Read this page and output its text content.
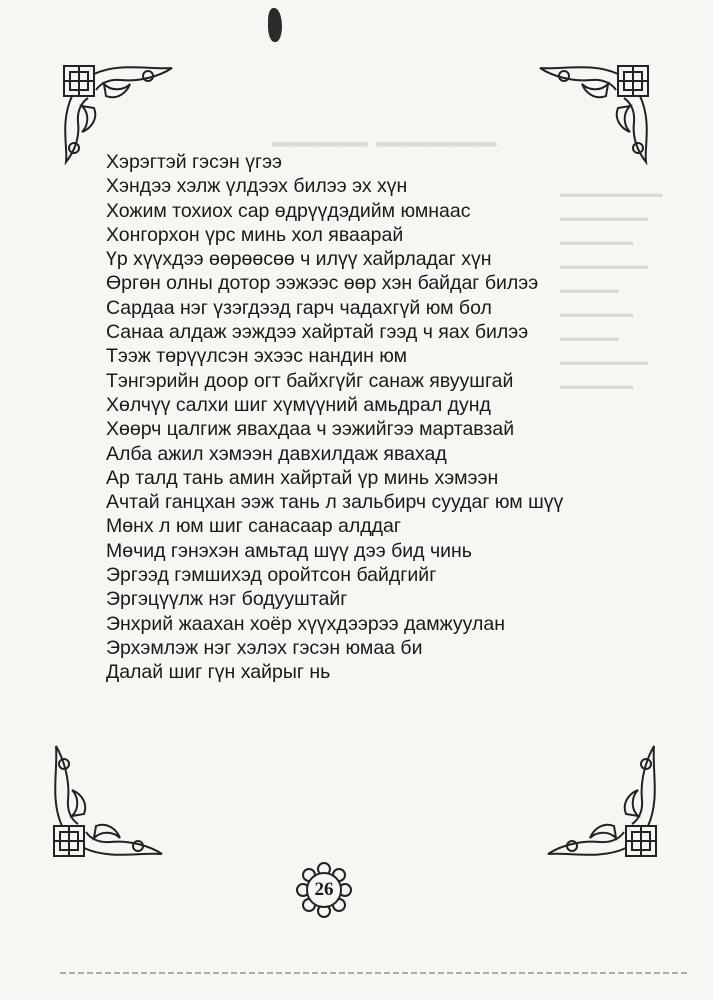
▁▁▁▁ ▁▁▁▁▁
▁▁▁▁▁▁▁
▁▁▁▁▁▁
▁▁▁▁▁
▁▁▁▁▁▁
▁▁▁▁
▁▁▁▁▁
▁▁▁▁
▁▁▁▁▁▁
▁▁▁▁▁
Хэрэгтэй гэсэн үгээ
Хэндээ хэлж үлдээх билээ эх хүн
Хожим тохиох сар өдрүүдэдийм юмнаас
Хонгорхон үрс минь хол яваарай
Үр хүүхдээ өөрөөсөө ч илүү хайрладаг хүн
Өргөн олны дотор ээжээс өөр хэн байдаг билээ
Сардаа нэг үзэгдээд гарч чадахгүй юм бол
Санаа алдаж ээждээ хайртай гээд ч яах билээ
Тээж төрүүлсэн эхээс нандин юм
Тэнгэрийн доор огт байхгүйг санаж явуушгай
Хөлчүү салхи шиг хүмүүний амьдрал дунд
Хөөрч цалгиж явахдаа ч ээжийгээ мартавзай
Алба ажил хэмээн давхилдаж явахад
Ар талд тань амин хайртай үр минь хэмээн
Ачтай ганцхан ээж тань л зальбирч суудаг юм шүү
Мөнх л юм шиг санасаар алддаг
Мөчид гэнэхэн амьтад шүү дээ бид чинь
Эргээд гэмшихэд оройтсон байдгийг
Эргэцүүлж нэг бодууштайг
Энхрий жаахан хоёр хүүхдээрээ дамжуулан
Эрхэмлэж нэг хэлэх гэсэн юмаа би
Далай шиг гүн хайрыг нь
26
